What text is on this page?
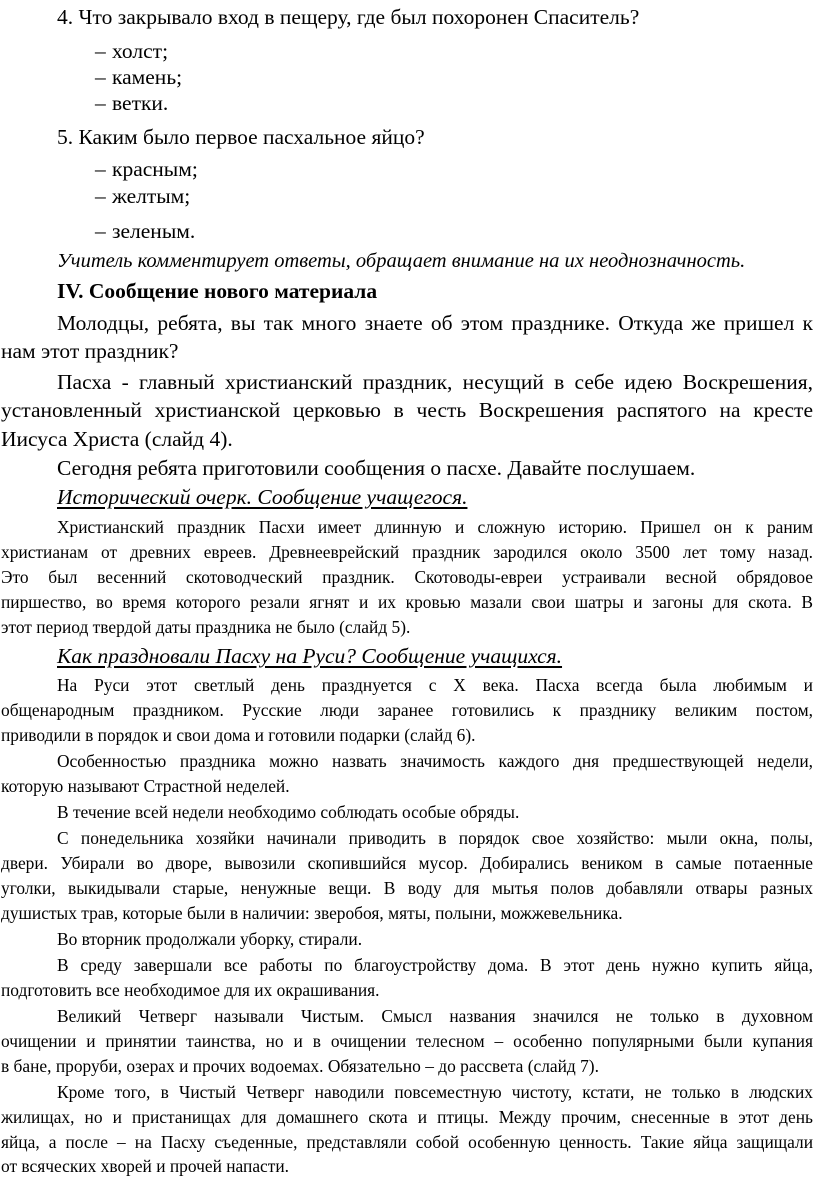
4. Что закрывало вход в пещеру, где был похоронен Спаситель?
– холст;
– камень;
– ветки.
5. Каким было первое пасхальное яйцо?
– красным;
– желтым;
– зеленым.
Учитель комментирует ответы, обращает внимание на их неоднозначность.
IV. Сообщение нового материала
Молодцы, ребята, вы так много знаете об этом празднике. Откуда же пришел к
нам этот праздник?
Пасха - главный христианский праздник, несущий в себе идею Воскрешения,
установленный христианской церковью в честь Воскрешения распятого на кресте
Иисуса Христа (слайд 4).
Сегодня ребята приготовили сообщения о пасхе. Давайте послушаем.
Исторический очерк. Сообщение учащегося.
Христианский праздник Пасхи имеет длинную и сложную историю. Пришел он к раним
христианам от древних евреев. Древнееврейский праздник зародился около 3500 лет тому назад.
Это был весенний скотоводческий праздник. Скотоводы-евреи устраивали весной обрядовое
пиршество, во время которого резали ягнят и их кровью мазали свои шатры и загоны для скота. В
этот период твердой даты праздника не было (слайд 5).
Как праздновали Пасху на Руси? Сообщение учащихся.
На Руси этот светлый день празднуется с X века. Пасха всегда была любимым и
общенародным праздником. Русские люди заранее готовились к празднику великим постом,
приводили в порядок и свои дома и готовили подарки (слайд 6).
Особенностью праздника можно назвать значимость каждого дня предшествующей недели,
которую называют Страстной неделей.
В течение всей недели необходимо соблюдать особые обряды.
С понедельника хозяйки начинали приводить в порядок свое хозяйство: мыли окна, полы,
двери. Убирали во дворе, вывозили скопившийся мусор. Добирались веником в самые потаенные
уголки, выкидывали старые, ненужные вещи. В воду для мытья полов добавляли отвары разных
душистых трав, которые были в наличии: зверобоя, мяты, полыни, можжевельника.
Во вторник продолжали уборку, стирали.
В среду завершали все работы по благоустройству дома. В этот день нужно купить яйца,
подготовить все необходимое для их окрашивания.
Великий Четверг называли Чистым. Смысл названия значился не только в духовном
очищении и принятии таинства, но и в очищении телесном – особенно популярными были купания
в бане, проруби, озерах и прочих водоемах. Обязательно – до рассвета (слайд 7).
Кроме того, в Чистый Четверг наводили повсеместную чистоту, кстати, не только в людских
жилищах, но и пристанищах для домашнего скота и птицы. Между прочим, снесенные в этот день
яйца, а после – на Пасху съеденные, представляли собой особенную ценность. Такие яйца защищали
от всяческих хворей и прочей напасти.
